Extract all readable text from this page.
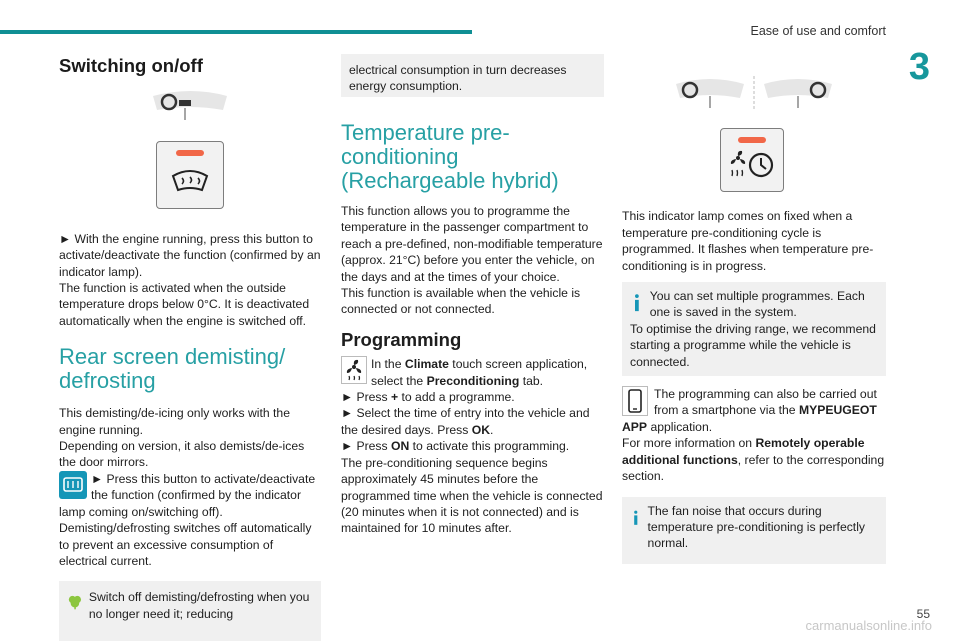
Ease of use and comfort
3
Switching on/off

► With the engine running, press this button to activate/deactivate the function (confirmed by an indicator lamp).

The function is activated when the outside temperature drops below 0°C. It is deactivated automatically when the engine is switched off.

Rear screen demisting/ defrosting

This demisting/de-icing only works with the engine running.

Depending on version, it also demists/de-ices the door mirrors.

► Press this button to activate/deactivate the function (confirmed by the indicator lamp coming on/switching off).

Demisting/defrosting switches off automatically to prevent an excessive consumption of electrical current.

Switch off demisting/defrosting when you no longer need it; reducing

electrical consumption in turn decreases energy consumption.

Temperature pre-conditioning (Rechargeable hybrid)

This function allows you to programme the temperature in the passenger compartment to reach a pre-defined, non-modifiable temperature (approx. 21°C) before you enter the vehicle, on the days and at the times of your choice.

This function is available when the vehicle is connected or not connected.

Programming

In the Climate touch screen application, select the Preconditioning tab.

► Press + to add a programme.

► Select the time of entry into the vehicle and the desired days. Press OK.

► Press ON to activate this programming.

The pre-conditioning sequence begins approximately 45 minutes before the programmed time when the vehicle is connected (20 minutes when it is not connected) and is maintained for 10 minutes after.

This indicator lamp comes on fixed when a temperature pre-conditioning cycle is programmed. It flashes when temperature pre-conditioning is in progress.

You can set multiple programmes. Each one is saved in the system.

To optimise the driving range, we recommend starting a programme while the vehicle is connected.

The programming can also be carried out from a smartphone via the MYPEUGEOT APP application.

For more information on Remotely operable additional functions, refer to the corresponding section.

The fan noise that occurs during temperature pre-conditioning is perfectly normal.

55
carmanualsonline.info
